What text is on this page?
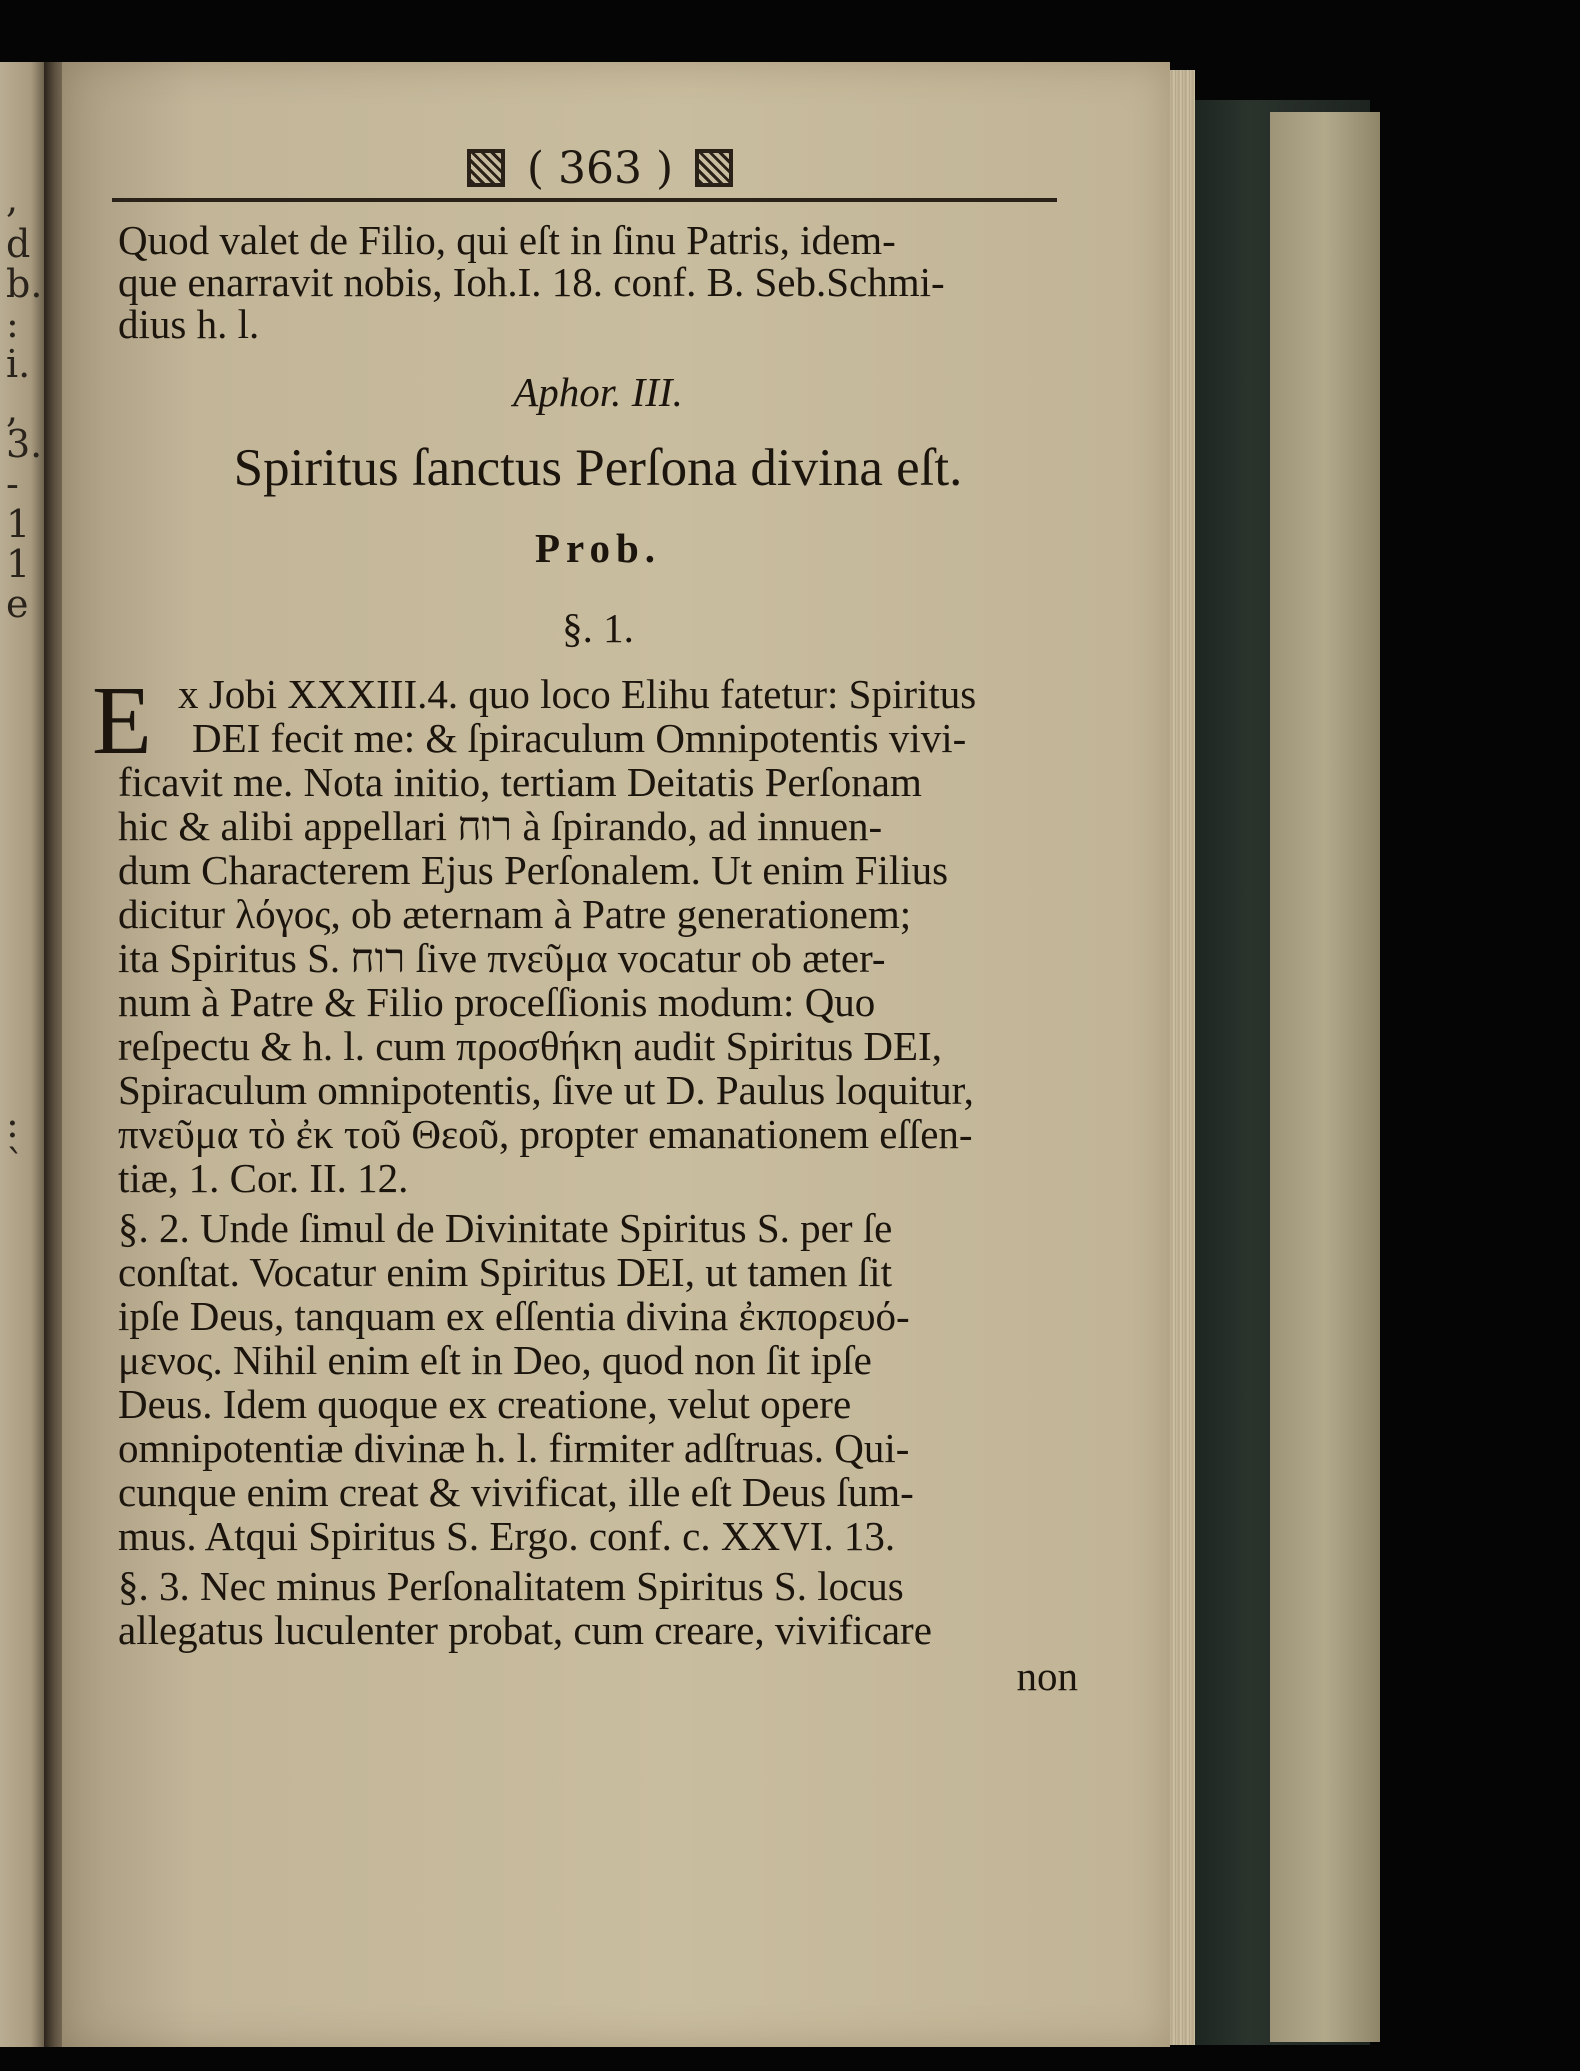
,
d
b.
:
i.
,
3.
-
1
1
e
:
`
( 363 )
Quod valet de Filio, qui eſt in ſinu Patris, idem-
que enarravit nobis, Ioh.I. 18. conf. B. Seb.Schmi-
dius h. l.
Aphor. III.
Spiritus ſanctus Perſona divina eſt.
Prob.
§. 1.
E x Jobi XXXIII.4. quo loco Elihu fatetur: Spiritus
DEI fecit me: & ſpiraculum Omnipotentis vivi-
ficavit me. Nota initio, tertiam Deitatis Perſonam
hic & alibi appellari רוח à ſpirando, ad innuen-
dum Characterem Ejus Perſonalem. Ut enim Filius
dicitur λόγος, ob æternam à Patre generationem;
ita Spiritus S. רוח ſive πνεῦμα vocatur ob æter-
num à Patre & Filio proceſſionis modum: Quo
reſpectu & h. l. cum προσθήκη audit Spiritus DEI,
Spiraculum omnipotentis, ſive ut D. Paulus loquitur,
πνεῦμα τὸ ἐκ τοῦ Θεοῦ, propter emanationem eſſen-
tiæ, 1. Cor. II. 12.
§. 2. Unde ſimul de Divinitate Spiritus S. per ſe
conſtat. Vocatur enim Spiritus DEI, ut tamen ſit
ipſe Deus, tanquam ex eſſentia divina ἐκπορευό-
μενος. Nihil enim eſt in Deo, quod non ſit ipſe
Deus. Idem quoque ex creatione, velut opere
omnipotentiæ divinæ h. l. firmiter adſtruas. Qui-
cunque enim creat & vivificat, ille eſt Deus ſum-
mus. Atqui Spiritus S. Ergo. conf. c. XXVI. 13.
§. 3. Nec minus Perſonalitatem Spiritus S. locus
allegatus luculenter probat, cum creare, vivificare
non
